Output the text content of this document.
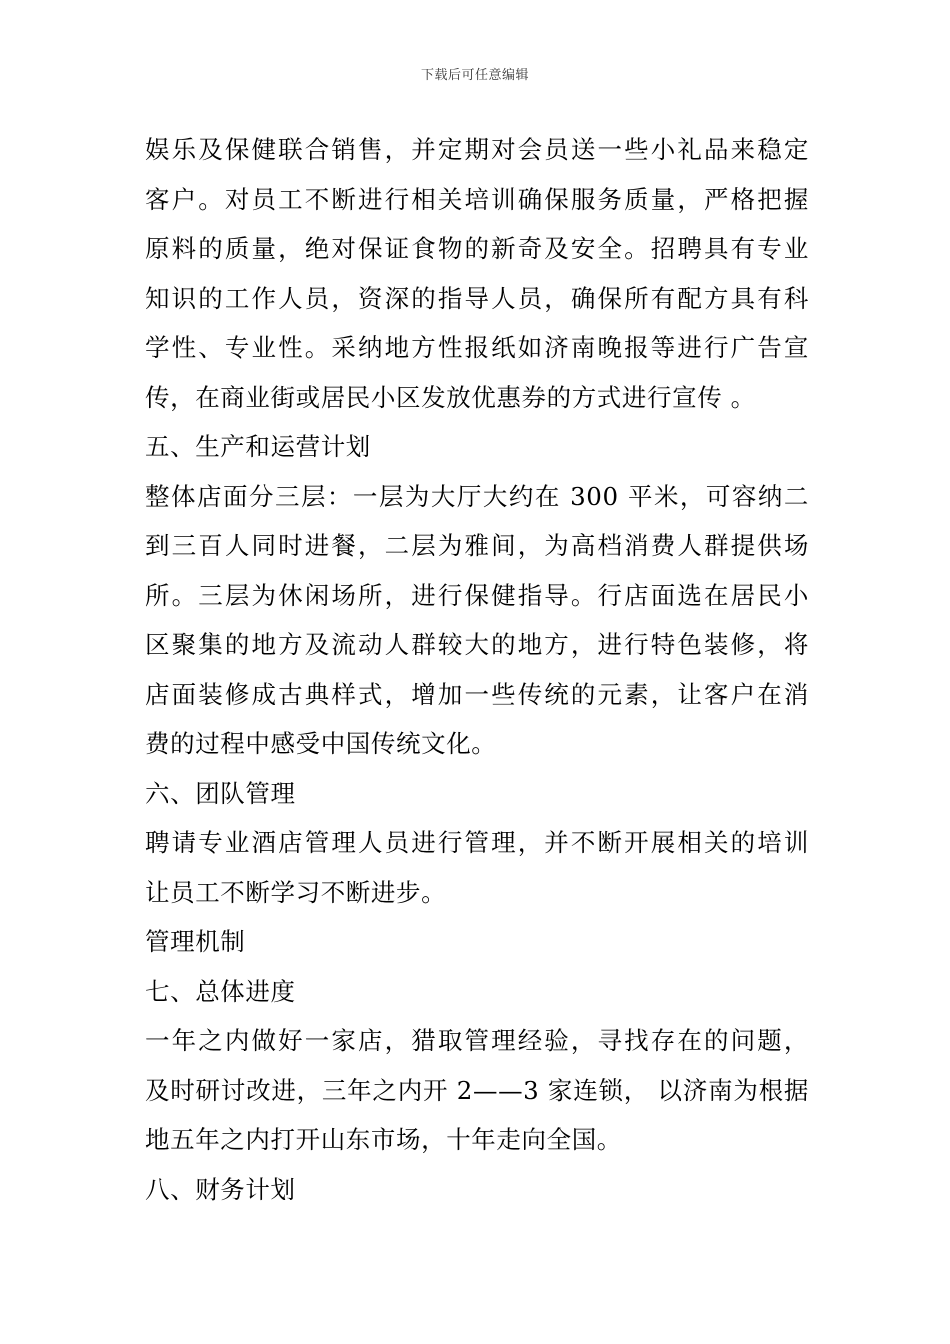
下载后可任意编辑
娱乐及保健联合销售，并定期对会员送一些小礼品来稳定
客户。对员工不断进行相关培训确保服务质量，严格把握
原料的质量，绝对保证食物的新奇及安全。招聘具有专业
知识的工作人员，资深的指导人员，确保所有配方具有科
学性、专业性。采纳地方性报纸如济南晚报等进行广告宣
传，在商业街或居民小区发放优惠券的方式进行宣传 。
五、生产和运营计划
整体店面分三层：一层为大厅大约在 300 平米，可容纳二
到三百人同时进餐，二层为雅间，为高档消费人群提供场
所。三层为休闲场所，进行保健指导。行店面选在居民小
区聚集的地方及流动人群较大的地方，进行特色装修，将
店面装修成古典样式，增加一些传统的元素，让客户在消
费的过程中感受中国传统文化。
六、团队管理
聘请专业酒店管理人员进行管理，并不断开展相关的培训
让员工不断学习不断进步。
管理机制
七、总体进度
一年之内做好一家店，猎取管理经验，寻找存在的问题，
及时研讨改进，三年之内开 2——3 家连锁， 以济南为根据
地五年之内打开山东市场，十年走向全国。
八、财务计划
